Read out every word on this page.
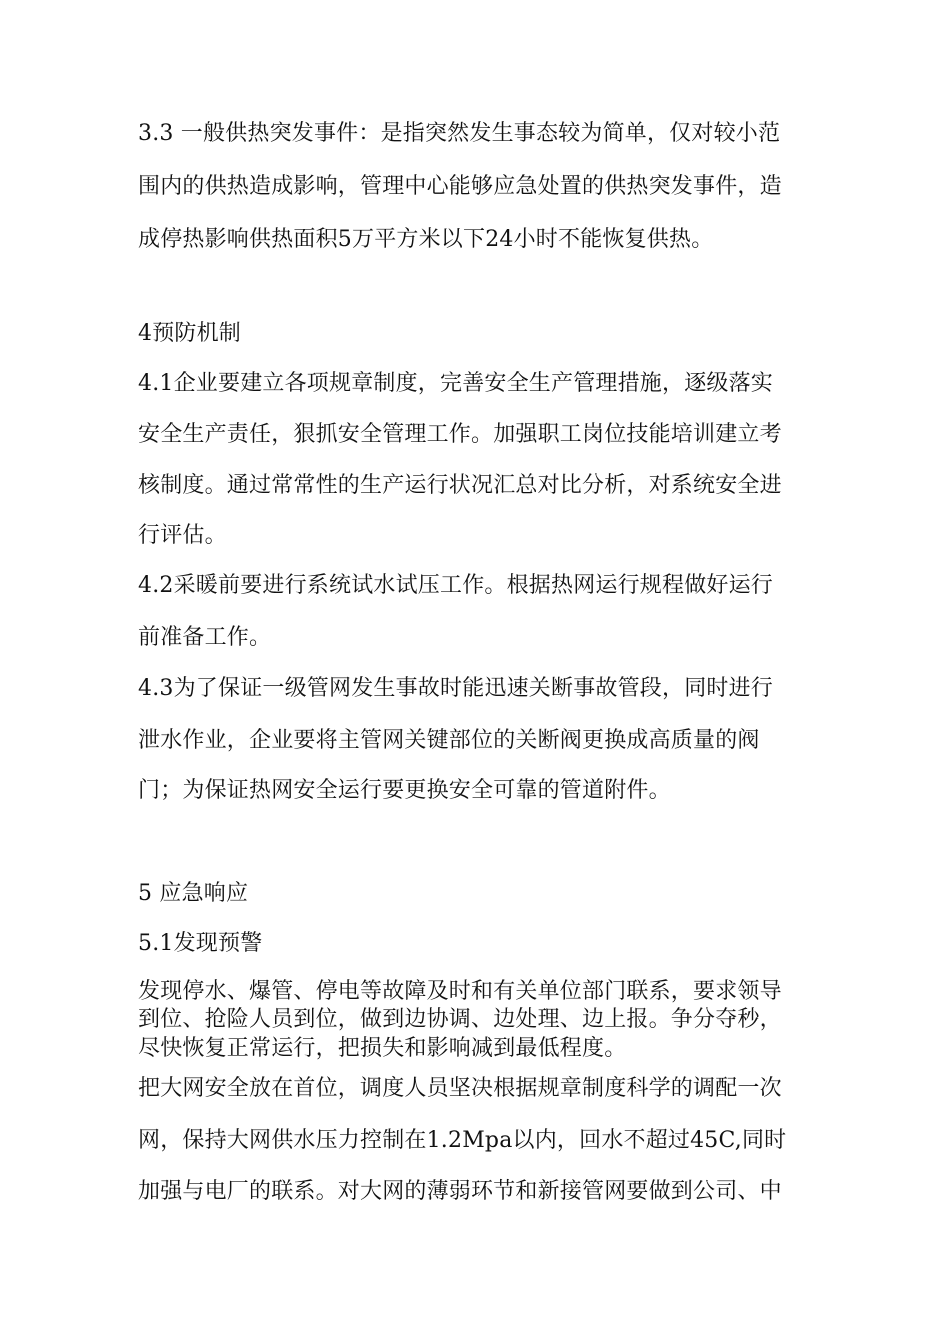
3.3 一般供热突发事件：是指突然发生事态较为简单，仅对较小范
围内的供热造成影响，管理中心能够应急处置的供热突发事件，造
成停热影响供热面积5万平方米以下24小时不能恢复供热。
4预防机制
4.1企业要建立各项规章制度，完善安全生产管理措施，逐级落实
安全生产责任，狠抓安全管理工作。加强职工岗位技能培训建立考
核制度。通过常常性的生产运行状况汇总对比分析，对系统安全进
行评估。
4.2采暖前要进行系统试水试压工作。根据热网运行规程做好运行
前准备工作。
4.3为了保证一级管网发生事故时能迅速关断事故管段，同时进行
泄水作业，企业要将主管网关键部位的关断阀更换成高质量的阀
门；为保证热网安全运行要更换安全可靠的管道附件。
5 应急响应
5.1发现预警
发现停水、爆管、停电等故障及时和有关单位部门联系，要求领导
到位、抢险人员到位，做到边协调、边处理、边上报。争分夺秒，
尽快恢复正常运行，把损失和影响减到最低程度。
把大网安全放在首位，调度人员坚决根据规章制度科学的调配一次
网，保持大网供水压力控制在1.2Mpa以内，回水不超过45C,同时
加强与电厂的联系。对大网的薄弱环节和新接管网要做到公司、中
